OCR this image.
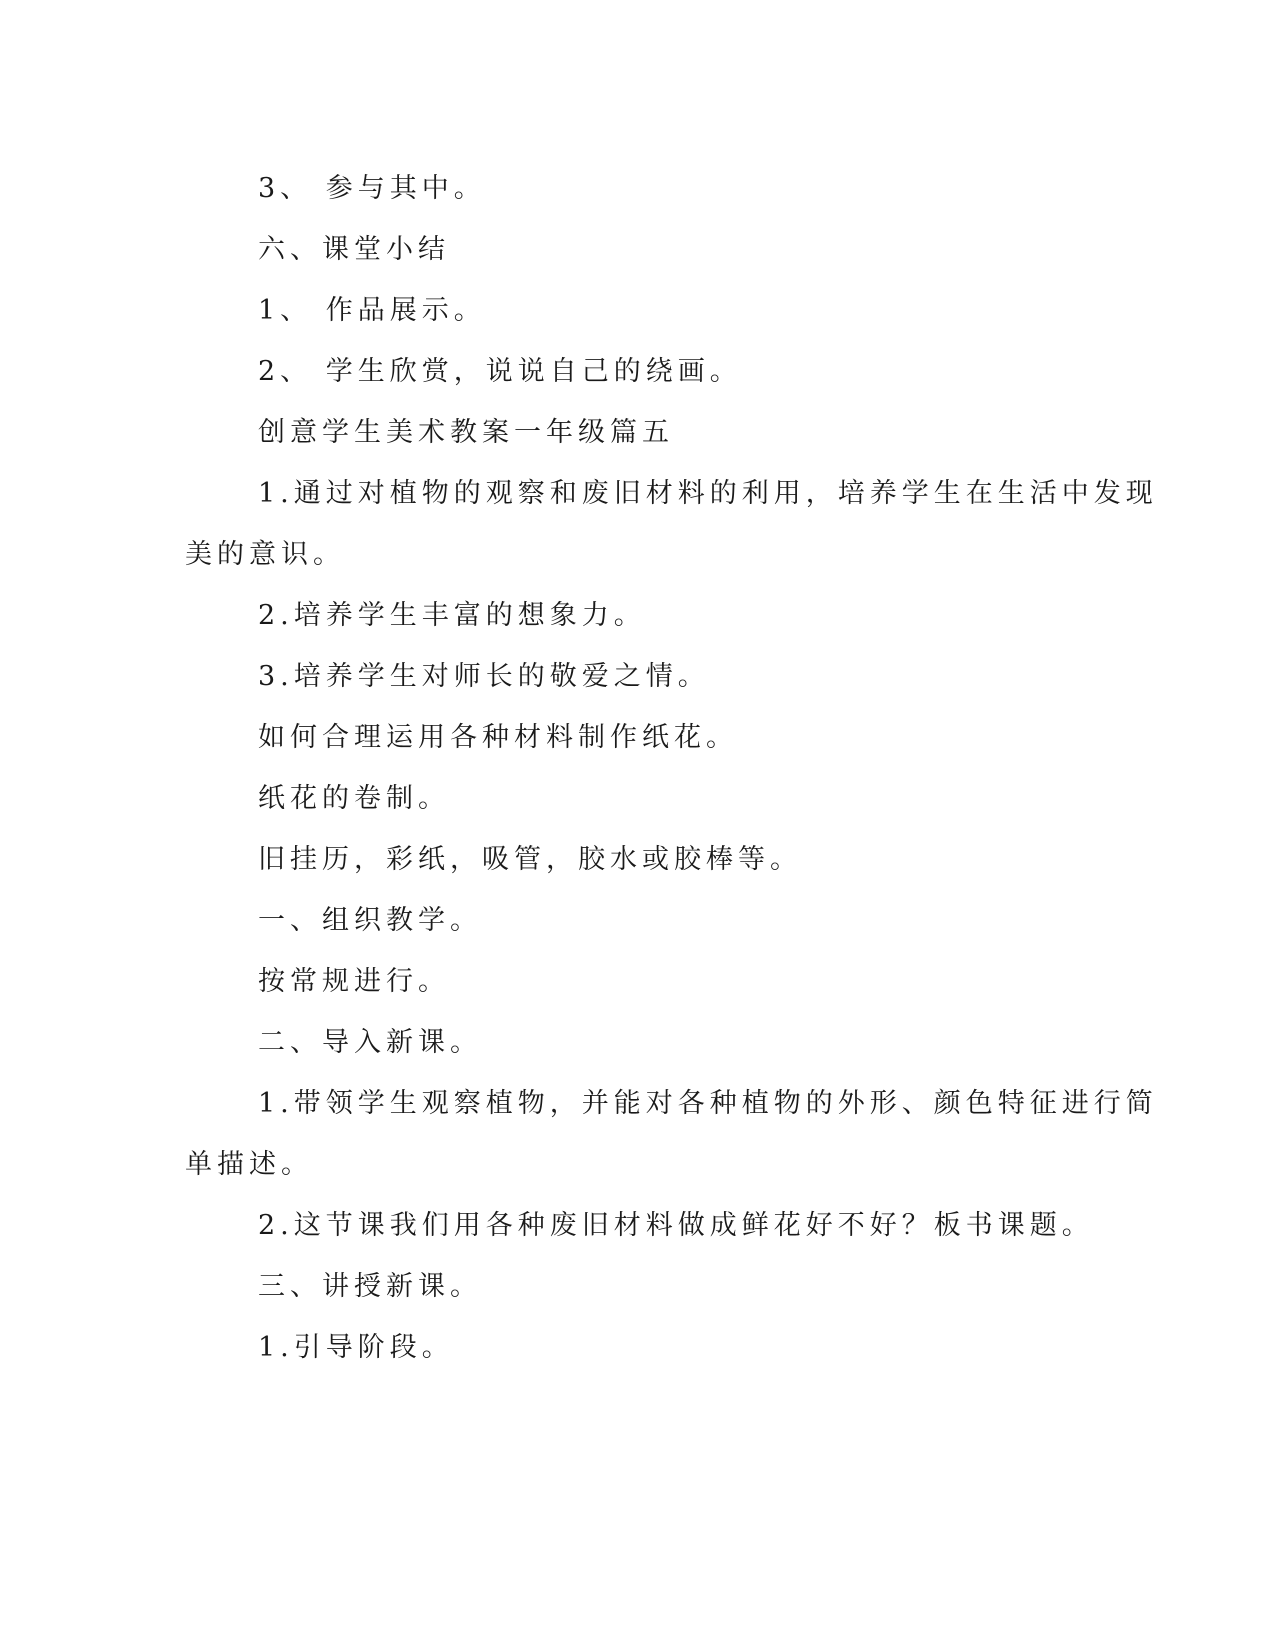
3、 参与其中。
六、课堂小结
1、 作品展示。
2、 学生欣赏，说说自己的绕画。
创意学生美术教案一年级篇五
1.通过对植物的观察和废旧材料的利用，培养学生在生活中发现
美的意识。
2.培养学生丰富的想象力。
3.培养学生对师长的敬爱之情。
如何合理运用各种材料制作纸花。
纸花的卷制。
旧挂历，彩纸，吸管，胶水或胶棒等。
一、组织教学。
按常规进行。
二、导入新课。
1.带领学生观察植物，并能对各种植物的外形、颜色特征进行简
单描述。
2.这节课我们用各种废旧材料做成鲜花好不好？板书课题。
三、讲授新课。
1.引导阶段。
